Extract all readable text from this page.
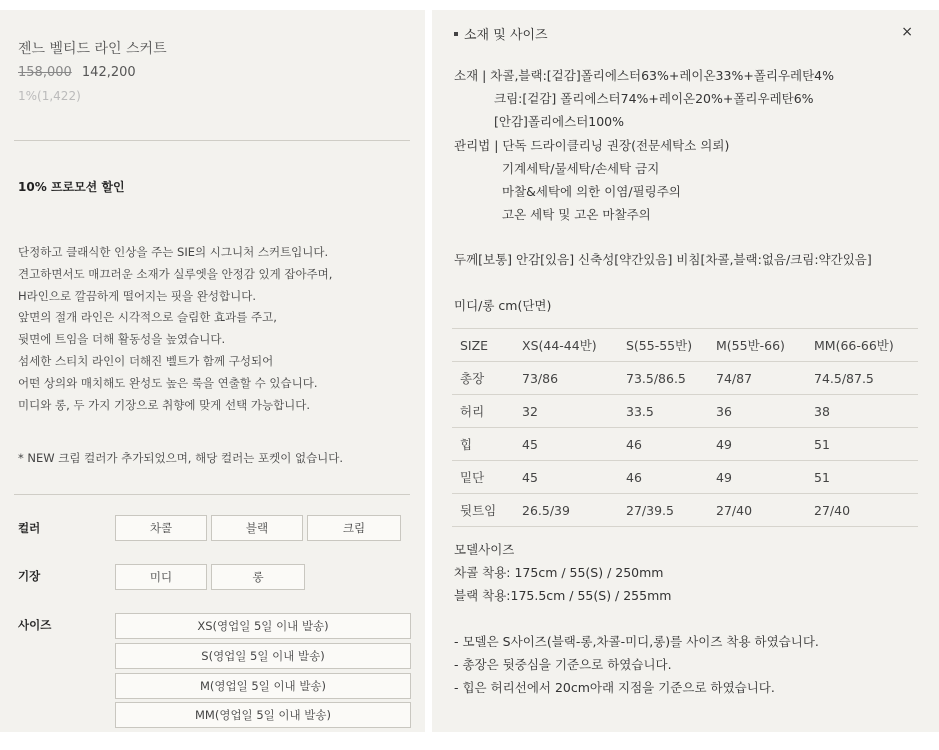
젠느 벨티드 라인 스커트
158,000 142,200
1%(1,422)
10% 프로모션 할인
단정하고 클래식한 인상을 주는 SIE의 시그니처 스커트입니다.
견고하면서도 매끄러운 소재가 실루엣을 안정감 있게 잡아주며,
H라인으로 깔끔하게 떨어지는 핏을 완성합니다.
앞면의 절개 라인은 시각적으로 슬림한 효과를 주고,
뒷면에 트임을 더해 활동성을 높였습니다.
섬세한 스티치 라인이 더해진 벨트가 함께 구성되어
어떤 상의와 매치해도 완성도 높은 룩을 연출할 수 있습니다.
미디와 롱, 두 가지 기장으로 취향에 맞게 선택 가능합니다.
* NEW 크림 컬러가 추가되었으며, 해당 컬러는 포켓이 없습니다.
컬러	차콜	블랙	크림
기장	미디	롱
사이즈	XS(영업일 5일 이내 발송)
S(영업일 5일 이내 발송)
M(영업일 5일 이내 발송)
MM(영업일 5일 이내 발송)
소재 및 사이즈	×
소재 | 차콜,블랙:[겉감]폴리에스터63%+레이온33%+폴리우레탄4%
크림:[겉감] 폴리에스터74%+레이온20%+폴리우레탄6%
[안감]폴리에스터100%
관리법 | 단독 드라이클리닝 권장(전문세탁소 의뢰)
기계세탁/물세탁/손세탁 금지
마찰&세탁에 의한 이염/필링주의
고온 세탁 및 고온 마찰주의
두께[보통] 안감[있음] 신축성[약간있음] 비침[차콜,블랙:없음/크림:약간있음]
미디/롱 cm(단면)
SIZE	XS(44-44반)	S(55-55반)	M(55반-66)	MM(66-66반)
총장	73/86	73.5/86.5	74/87	74.5/87.5
허리	32	33.5	36	38
힙	45	46	49	51
밑단	45	46	49	51
뒷트임	26.5/39	27/39.5	27/40	27/40
모델사이즈
차콜 착용: 175cm / 55(S) / 250mm
블랙 착용:175.5cm / 55(S) / 255mm
- 모델은 S사이즈(블랙-롱,차콜-미디,롱)를 사이즈 착용 하였습니다.
- 총장은 뒷중심을 기준으로 하였습니다.
- 힙은 허리선에서 20cm아래 지점을 기준으로 하였습니다.
